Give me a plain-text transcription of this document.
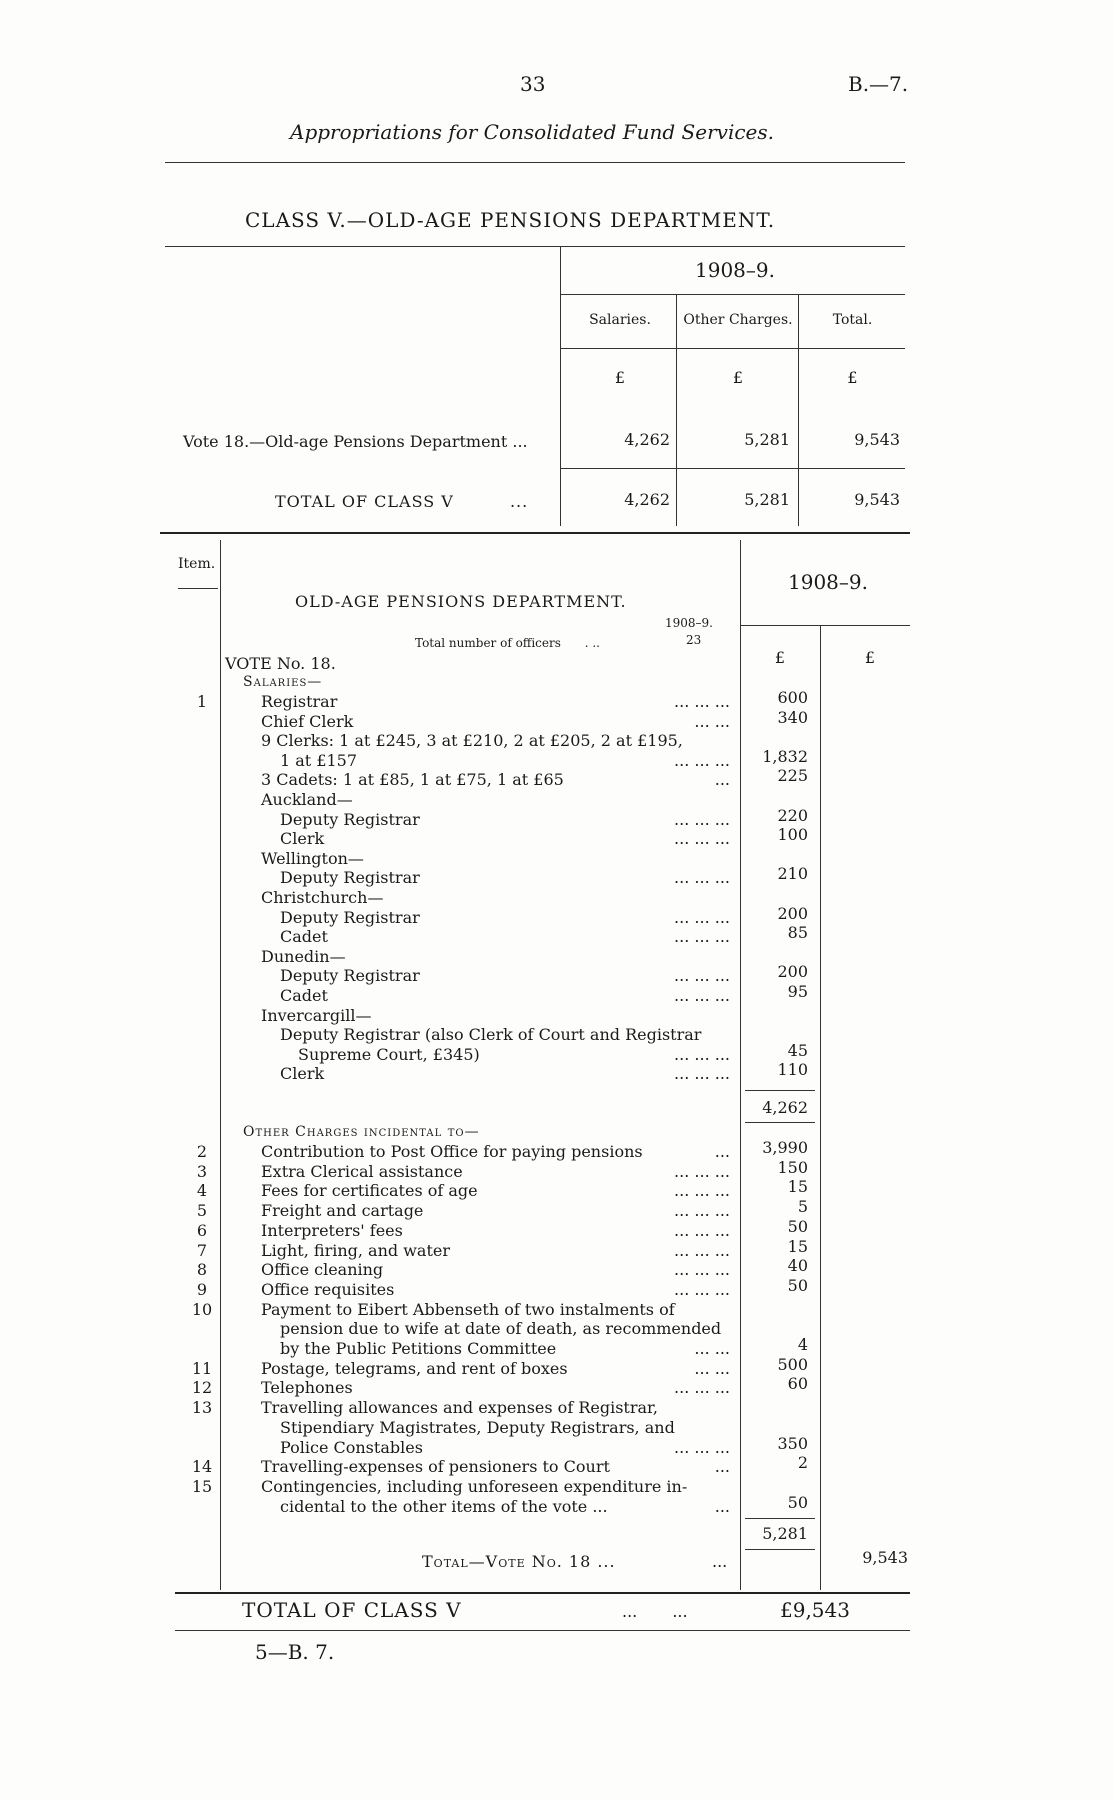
33	B.—7.
Appropriations for Consolidated Fund Services.
CLASS V.—OLD-AGE PENSIONS DEPARTMENT.
1908–9.
Salaries.	Other Charges.	Total.
£	£	£
Vote 18.—Old-age Pensions Department ...	4,262	5,281	9,543
TOTAL OF CLASS V	...	4,262	5,281	9,543
Item.
1908–9.
OLD-AGE PENSIONS DEPARTMENT.
1908–9.
Total number of officers . ..	23
VOTE No. 18.	£	£
Salaries—
1	Registrar	... ... ...	600
Chief Clerk	... ...	340
9 Clerks: 1 at £245, 3 at £210, 2 at £205, 2 at £195,
1 at £157	... ... ...	1,832
3 Cadets: 1 at £85, 1 at £75, 1 at £65	...	225
Auckland—
Deputy Registrar	... ... ...	220
Clerk	... ... ...	100
Wellington—
Deputy Registrar	... ... ...	210
Christchurch—
Deputy Registrar	... ... ...	200
Cadet	... ... ...	85
Dunedin—
Deputy Registrar	... ... ...	200
Cadet	... ... ...	95
Invercargill—
Deputy Registrar (also Clerk of Court and Registrar
Supreme Court, £345)	... ... ...	45
Clerk	... ... ...	110
4,262
Other Charges incidental to—
2	Contribution to Post Office for paying pensions	...	3,990
3	Extra Clerical assistance	... ... ...	150
4	Fees for certificates of age	... ... ...	15
5	Freight and cartage	... ... ...	5
6	Interpreters' fees	... ... ...	50
7	Light, firing, and water	... ... ...	15
8	Office cleaning	... ... ...	40
9	Office requisites	... ... ...	50
10	Payment to Eibert Abbenseth of two instalments of
pension due to wife at date of death, as recommended
by the Public Petitions Committee	... ...	4
11	Postage, telegrams, and rent of boxes	... ...	500
12	Telephones	... ... ...	60
13	Travelling allowances and expenses of Registrar,
Stipendiary Magistrates, Deputy Registrars, and
Police Constables	... ... ...	350
14	Travelling-expenses of pensioners to Court	...	2
15	Contingencies, including unforeseen expenditure in-
cidental to the other items of the vote ...	...	50
5,281
Total—Vote No. 18 ...	...	9,543
TOTAL OF CLASS V	... ...	£9,543
5—B. 7.
